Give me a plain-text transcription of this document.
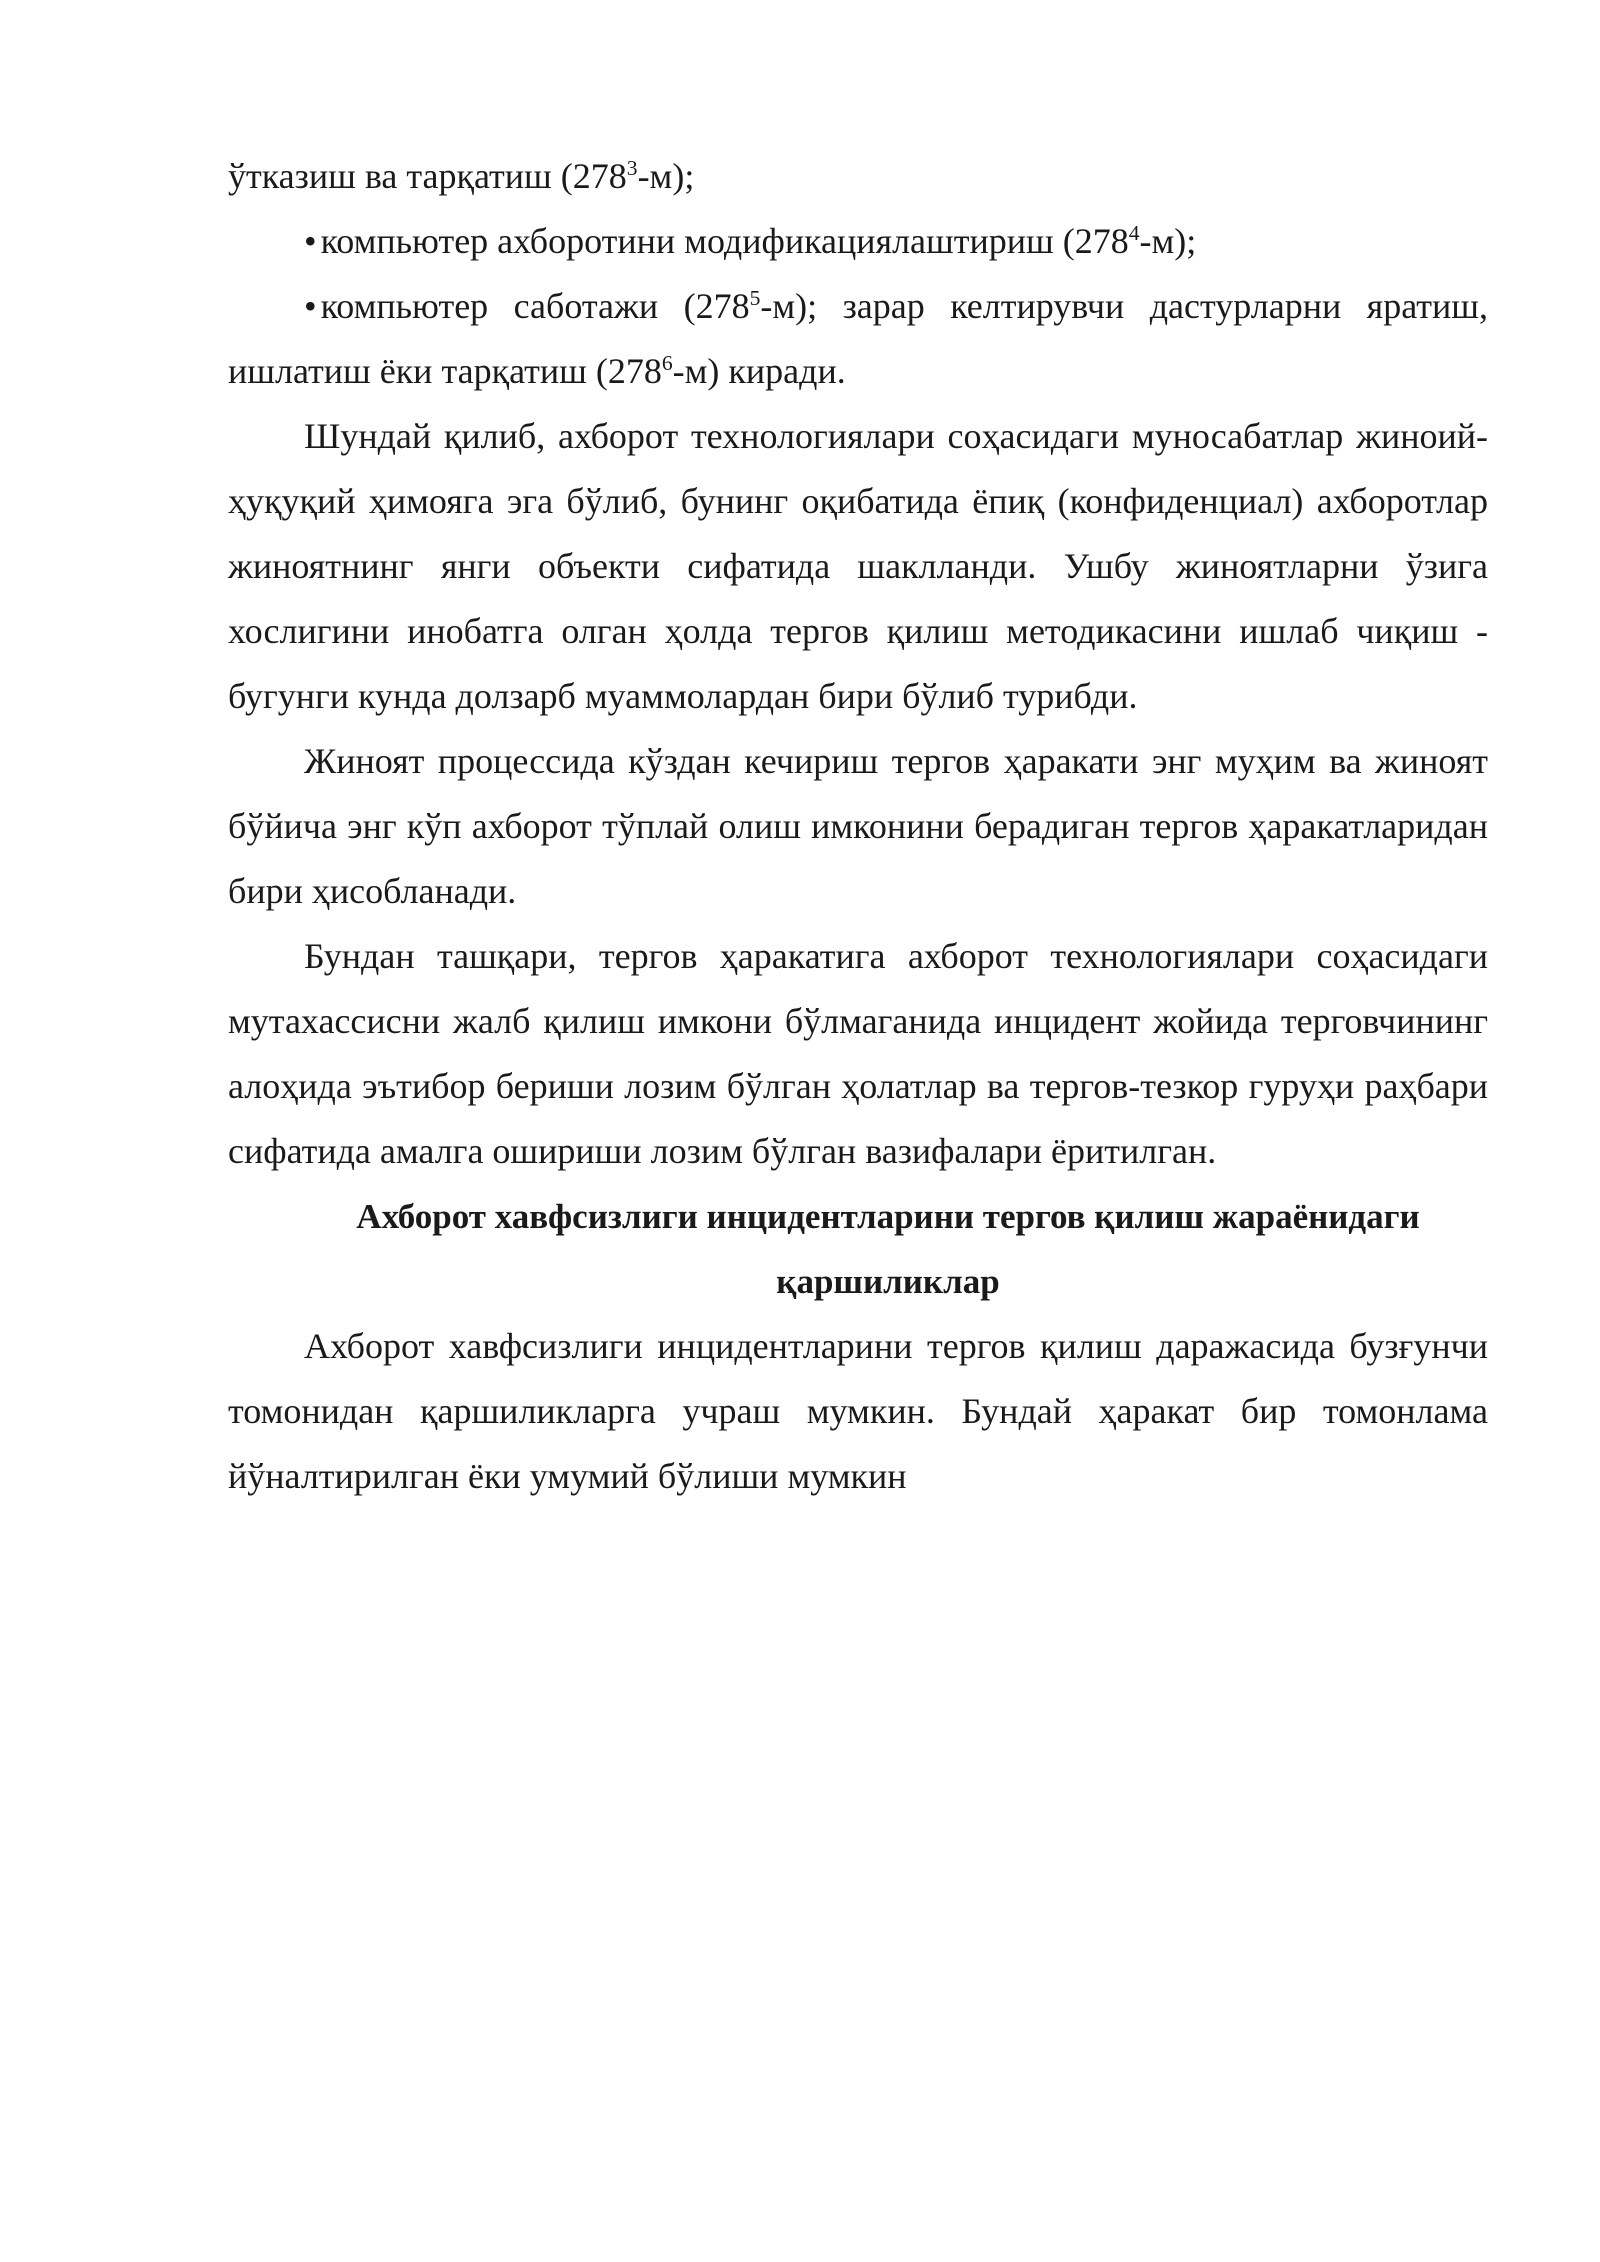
ўтказиш ва тарқатиш $(278^3-м)$;

• компьютер ахборотини модификациялаштириш $(278^4-м)$;

• компьютер саботажи $(278^5-м)$; зарар келтирувчи дастурларни яратиш, ишлатиш ёки тарқатиш $(278^6-м)$ киради.

Шундай қилиб, ахборот технологиялари соҳасидаги муносабатлар жиноий-ҳуқуқий ҳимояга эга бўлиб, бунинг оқибатида ёпиқ (конфиденциал) ахборотлар жиноятнинг янги объекти сифатида шаклланди. Ушбу жиноятларни ўзига хослигини инобатга олган ҳолда тергов қилиш методикасини ишлаб чиқиш - бугунги кунда долзарб муаммолардан бири бўлиб турибди.

Жиноят процессида кўздан кечириш тергов ҳаракати энг муҳим ва жиноят бўйича энг кўп ахборот тўплай олиш имконини берадиган тергов ҳаракатларидан бири ҳисобланади.

Бундан ташқари, тергов ҳаракатига ахборот технологиялари соҳасидаги мутахассисни жалб қилиш имкони бўлмаганида инцидент жойида терговчининг алоҳида эътибор бериши лозим бўлган ҳолатлар ва тергов-тезкор гуруҳи раҳбари сифатида амалга ошириши лозим бўлган вазифалари ёритилган.

Ахборот хавфсизлиги инцидентларини тергов қилиш жараёнидаги қаршиликлар

Ахборот хавфсизлиги инцидентларини тергов қилиш даражасида бузғунчи томонидан қаршиликларга учраш мумкин. Бундай ҳаракат бир томонлама йўналтирилган ёки умумий бўлиши мумкин
